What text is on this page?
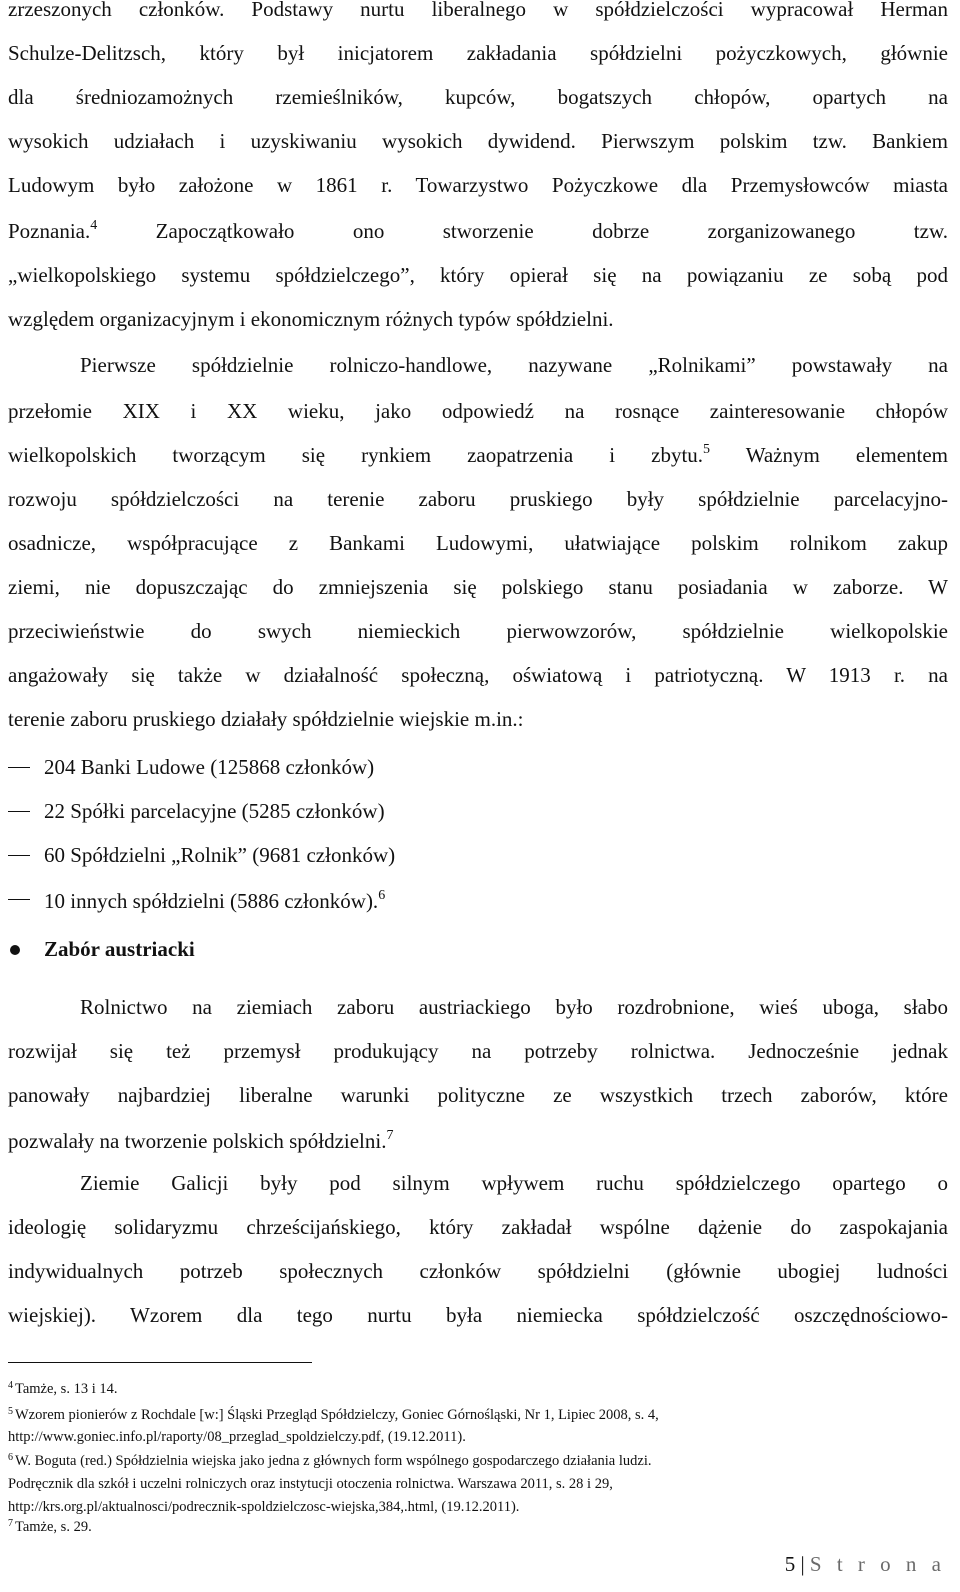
zrzeszonych członków. Podstawy nurtu liberalnego w spółdzielczości wypracował Herman
Schulze-Delitzsch, który był inicjatorem zakładania spółdzielni pożyczkowych, głównie
dla średniozamożnych rzemieślników, kupców, bogatszych chłopów, opartych na
wysokich udziałach i uzyskiwaniu wysokich dywidend. Pierwszym polskim tzw. Bankiem
Ludowym było założone w 1861 r. Towarzystwo Pożyczkowe dla Przemysłowców miasta
Poznania.$^4$ Zapoczątkowało ono stworzenie dobrze zorganizowanego tzw.
„wielkopolskiego systemu spółdzielczego”, który opierał się na powiązaniu ze sobą pod
względem organizacyjnym i ekonomicznym różnych typów spółdzielni.
Pierwsze spółdzielnie rolniczo-handlowe, nazywane „Rolnikami” powstawały na
przełomie XIX i XX wieku, jako odpowiedź na rosnące zainteresowanie chłopów
wielkopolskich tworzącym się rynkiem zaopatrzenia i zbytu.$^5$ Ważnym elementem
rozwoju spółdzielczości na terenie zaboru pruskiego były spółdzielnie parcelacyjno-
osadnicze, współpracujące z Bankami Ludowymi, ułatwiające polskim rolnikom zakup
ziemi, nie dopuszczając do zmniejszenia się polskiego stanu posiadania w zaborze. W
przeciwieństwie do swych niemieckich pierwowzorów, spółdzielnie wielkopolskie
angażowały się także w działalność społeczną, oświatową i patriotyczną. W 1913 r. na
terenie zaboru pruskiego działały spółdzielnie wiejskie m.in.:
204 Banki Ludowe (125868 członków)
22 Spółki parcelacyjne (5285 członków)
60 Spółdzielni „Rolnik” (9681 członków)
10 innych spółdzielni (5886 członków).$^6$
Zabór austriacki
Rolnictwo na ziemiach zaboru austriackiego było rozdrobnione, wieś uboga, słabo
rozwijał się też przemysł produkujący na potrzeby rolnictwa. Jednocześnie jednak
panowały najbardziej liberalne warunki polityczne ze wszystkich trzech zaborów, które
pozwalały na tworzenie polskich spółdzielni.$^7$
Ziemie Galicji były pod silnym wpływem ruchu spółdzielczego opartego o
ideologię solidaryzmu chrześcijańskiego, który zakładał wspólne dążenie do zaspokajania
indywidualnych potrzeb społecznych członków spółdzielni (głównie ubogiej ludności
wiejskiej). Wzorem dla tego nurtu była niemiecka spółdzielczość oszczędnościowo-
$^4$ Tamże, s. 13 i 14.
$^5$ Wzorem pionierów z Rochdale [w:] Śląski Przegląd Spółdzielczy, Goniec Górnośląski, Nr 1, Lipiec 2008, s. 4,
http://www.goniec.info.pl/raporty/08_przeglad_spoldzielczy.pdf, (19.12.2011).
$^6$ W. Boguta (red.) Spółdzielnia wiejska jako jedna z głównych form wspólnego gospodarczego działania ludzi.
Podręcznik dla szkół i uczelni rolniczych oraz instytucji otoczenia rolnictwa. Warszawa 2011, s. 28 i 29,
http://krs.org.pl/aktualnosci/podrecznik-spoldzielczosc-wiejska,384,.html, (19.12.2011).
$^7$ Tamże, s. 29.
5 | S t r o n a
